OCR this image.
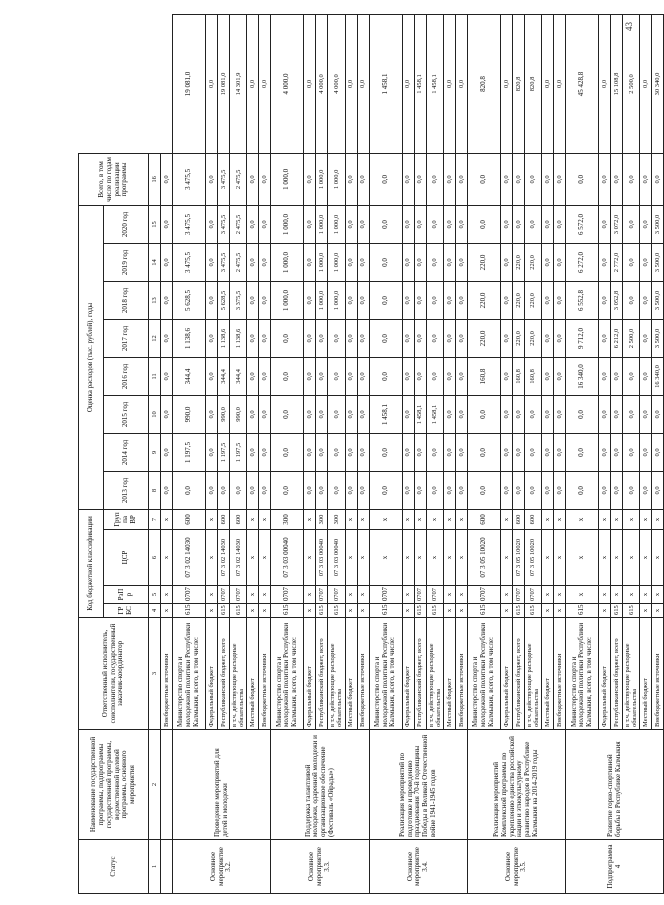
43
Статус	Наименование государственной программы, подпрограммы государственной программы, ведомственной целевой программы, основного мероприятия	Ответственный исполнитель, соисполнители, государственный заказчик-координатор	Код бюджетной классификации				Оценка расходов (тыс. рублей), годы								Всего, в том числе по годам реализации программы	
			ГРБС	РзПр	ЦСР	Группа ВР	2013 год	2014 год	2015 год	2016 год	2017 год	2018 год	2019 год	2020 год		
1	2	3	4	5	6	7	8	9	10	11	12	13	14	15	16	
		Внебюджетные источники	х	х	х	х	0,0	0,0	0,0	0,0	0,0	0,0	0,0	0,0	0,0	
Основное мероприятие 3.2.	Проведение мероприятий для детей и молодежи	Министерство спорта и молодежной политики Республики Калмыкия, всего, в том числе:	615	0707	07 3 02 14030	600	0,0	1 197,5	990,0	344,4	1 138,6	5 628,5	3 475,5	3 475,5	3 475,5	19 081,0
		Федеральный бюджет	х	х	х	х	0,0	0,0	0,0	0,0	0,0	0,0	0,0	0,0	0,0	0,0
		Республиканский бюджет, всего	615	0707	07 3 02 14030	600	0,0	1 197,5	990,0	344,4	1 138,6	5 628,5	3 475,5	3 475,5	3 475,5	19 081,0
		в т.ч. действующие расходные обязательства	615	0707	07 3 02 14030	600	0,0	1 197,5	990,0	344,4	1 138,6	3 375,5	2 475,5	2 475,5	2 475,5	14 301,9
		Местный бюджет	х	х	х	х	0,0	0,0	0,0	0,0	0,0	0,0	0,0	0,0	0,0	0,0
		Внебюджетные источники	х	х	х	х	0,0	0,0	0,0	0,0	0,0	0,0	0,0	0,0	0,0	0,0
Основное мероприятие 3.3.	Поддержка талантливой молодежи, одаренной молодежи и организационное обеспечение (Фестиваль «Ойрады»)	Министерство спорта и молодежной политики Республики Калмыкия, всего, в том числе:	615	0707	07 3 03 00040	300	0,0	0,0	0,0	0,0	0,0	1 000,0	1 000,0	1 000,0	1 000,0	4 000,0
		Федеральный бюджет	х	х	х	х	0,0	0,0	0,0	0,0	0,0	0,0	0,0	0,0	0,0	0,0
		Республиканский бюджет, всего	615	0707	07 3 03 00040	300	0,0	0,0	0,0	0,0	0,0	1 000,0	1 000,0	1 000,0	1 000,0	4 000,0
		в т.ч. действующие расходные обязательства	615	0707	07 3 03 00040	300	0,0	0,0	0,0	0,0	0,0	1 000,0	1 000,0	1 000,0	1 000,0	4 000,0
		Местный бюджет	х	х	х	х	0,0	0,0	0,0	0,0	0,0	0,0	0,0	0,0	0,0	0,0
		Внебюджетные источники	х	х	х	х	0,0	0,0	0,0	0,0	0,0	0,0	0,0	0,0	0,0	0,0
Основное мероприятие 3.4.	Реализация мероприятий по подготовке и проведению празднования 70-й годовщины Победы в Великой Отечественной войне 1941-1945 годов	Министерство спорта и молодежной политики Республики Калмыкия, всего, в том числе:	615	0707	х	х	0,0	0,0	1 458,1	0,0	0,0	0,0	0,0	0,0	0,0	1 458,1
		Федеральный бюджет	х	х	х	х	0,0	0,0	0,0	0,0	0,0	0,0	0,0	0,0	0,0	0,0
		Республиканский бюджет, всего	615	0707	х	х	0,0	0,0	1 458,1	0,0	0,0	0,0	0,0	0,0	0,0	1 458,1
		в т.ч. действующие расходные обязательства	615	0707	х	х	0,0	0,0	1 458,1	0,0	0,0	0,0	0,0	0,0	0,0	1 458,1
		Местный бюджет	х	х	х	х	0,0	0,0	0,0	0,0	0,0	0,0	0,0	0,0	0,0	0,0
		Внебюджетные источники	х	х	х	х	0,0	0,0	0,0	0,0	0,0	0,0	0,0	0,0	0,0	0,0
Основное мероприятие 3.5.	Реализация мероприятий Комплексной программы по укреплению единства российской нации и этнокультурному развитию народов в Республике Калмыкия на 2014-2019 годы	Министерство спорта и молодежной политики Республики Калмыкия, всего, в том числе:	615	0707	07 3 05 10020	600	0,0	0,0	0,0	160,8	220,0	220,0	220,0	0,0	0,0	820,8
		Федеральный бюджет	х	х	х	х	0,0	0,0	0,0	0,0	0,0	0,0	0,0	0,0	0,0	0,0
		Республиканский бюджет, всего	615	0707	07 3 05 10020	600	0,0	0,0	0,0	160,8	220,0	220,0	220,0	0,0	0,0	820,8
		в т.ч. действующие расходные обязательства	615	0707	07 3 05 10020	600	0,0	0,0	0,0	160,8	220,0	220,0	220,0	0,0	0,0	820,8
		Местный бюджет	х	х	х	х	0,0	0,0	0,0	0,0	0,0	0,0	0,0	0,0	0,0	0,0
		Внебюджетные источники	х	х	х	х	0,0	0,0	0,0	0,0	0,0	0,0	0,0	0,0	0,0	0,0
Подпрограмма 4	Развитие горно-спортивной борьбы в Республике Калмыкия	Министерство спорта и молодежной политики Республики Калмыкия, всего, в том числе:	615	х	х	х	0,0	0,0	0,0	16 340,0	9 712,0	6 552,8	6 272,0	6 572,0	0,0	45 428,8
		Федеральный бюджет	х	х	х	х	0,0	0,0	0,0	0,0	0,0	0,0	0,0	0,0	0,0	0,0
		Республиканский бюджет, всего	615	х	х	х	0,0	0,0	0,0	0,0	6 212,0	3 052,8	2 772,0	3 072,0	0,0	15 108,8
		в т.ч. действующие расходные обязательства	615	х	х	х	0,0	0,0	0,0	0,0	2 500,0	0,0	0,0	0,0	0,0	2 500,0
		Местный бюджет	х	х	х	х	0,0	0,0	0,0	0,0	0,0	0,0	0,0	0,0	0,0	0,0
		Внебюджетные источники	х	х	х	х	0,0	0,0	0,0	16 340,0	3 500,0	3 500,0	3 500,0	3 500,0	0,0	30 340,0
